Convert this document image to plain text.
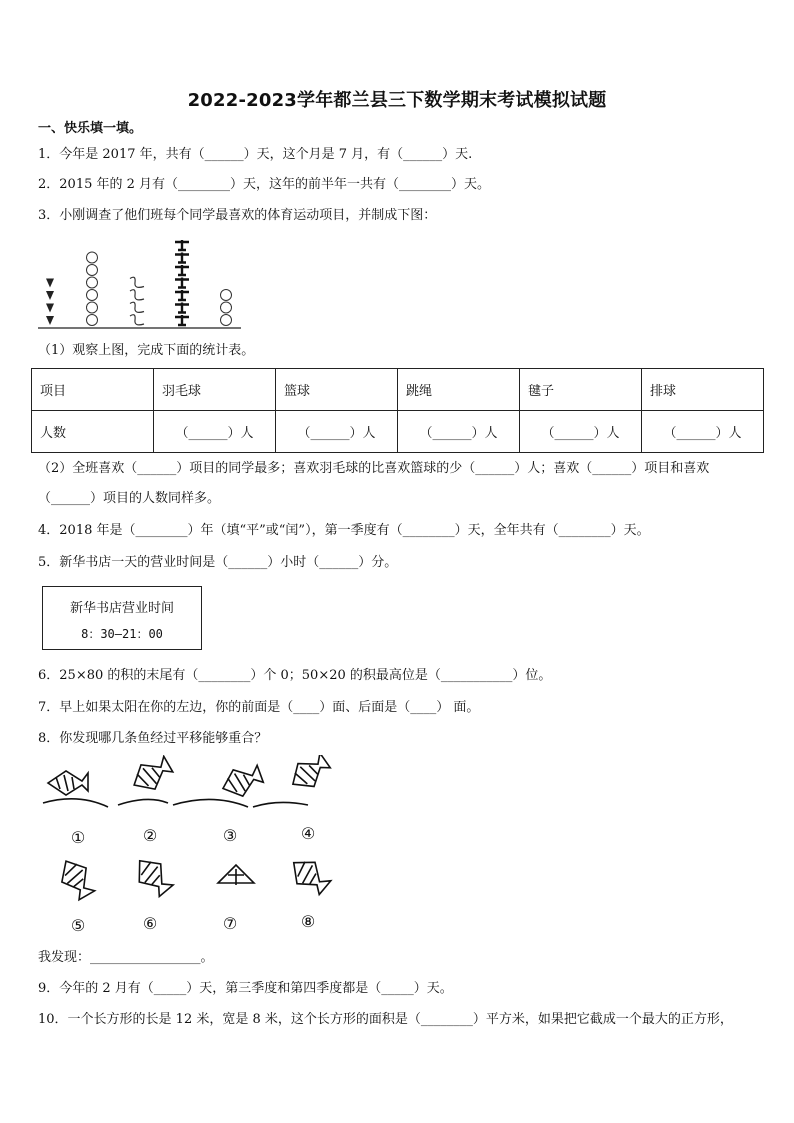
2022-2023学年都兰县三下数学期末考试模拟试题
一、快乐填一填。
1．今年是 2017 年，共有（______）天，这个月是 7 月，有（______）天.
2．2015 年的 2 月有（________）天，这年的前半年一共有（________）天。
3．小刚调查了他们班每个同学最喜欢的体育运动项目，并制成下图：
（1）观察上图，完成下面的统计表。
项目	羽毛球	篮球	跳绳	毽子	排球
人数	（______）人	（______）人	（______）人	（______）人	（______）人
（2）全班喜欢（______）项目的同学最多；喜欢羽毛球的比喜欢篮球的少（______）人；喜欢（______）项目和喜欢
（______）项目的人数同样多。
4．2018 年是（________）年（填“平”或“闰”），第一季度有（________）天，全年共有（________）天。
5．新华书店一天的营业时间是（______）小时（______）分。
新华书店营业时间
8：30—21：00
6．25×80 的积的末尾有（________）个 0；50×20 的积最高位是（___________）位。
7．早上如果太阳在你的左边，你的前面是（____）面、后面是（____） 面。
8．你发现哪几条鱼经过平移能够重合？
①	②	③	④
⑤	⑥	⑦	⑧
我发现：_________________。
9．今年的 2 月有（_____）天，第三季度和第四季度都是（_____）天。
10．一个长方形的长是 12 米，宽是 8 米，这个长方形的面积是（________）平方米，如果把它截成一个最大的正方形，
